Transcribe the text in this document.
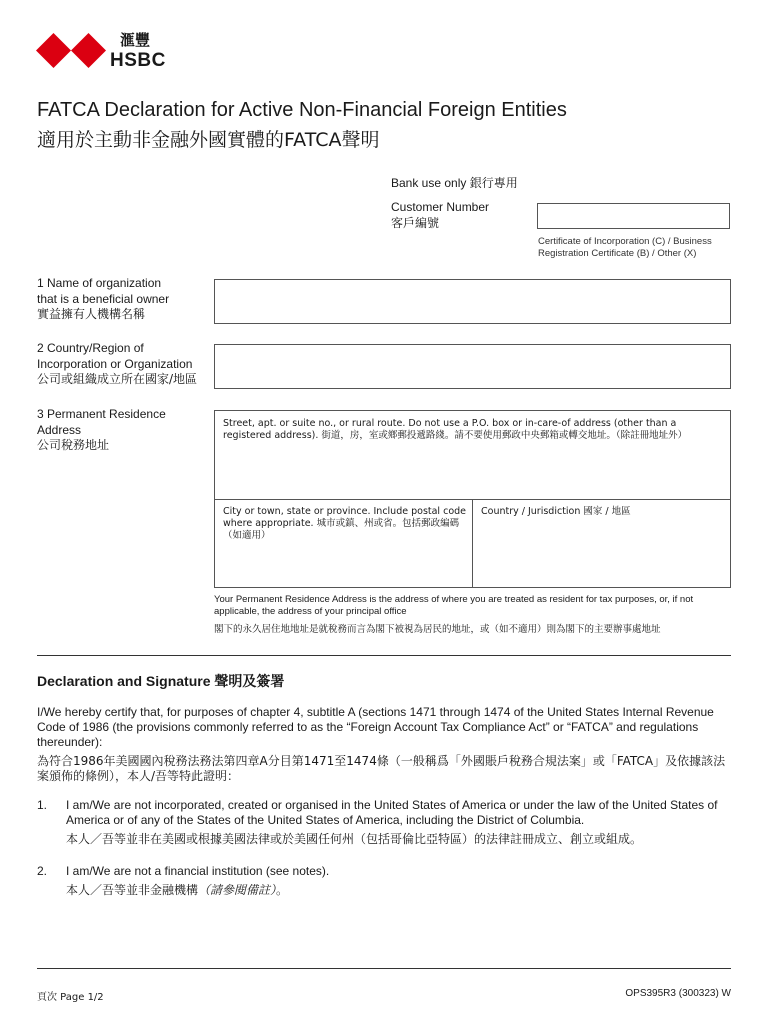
滙豐
HSBC
FATCA Declaration for Active Non-Financial Foreign Entities
適用於主動非金融外國實體的FATCA聲明
Bank use only 銀行專用
Customer Number
客戶編號
Certificate of Incorporation (C) / Business Registration Certificate (B) / Other (X)
1 Name of organization
that is a beneficial owner
實益擁有人機構名稱
2 Country/Region of
Incorporation or Organization
公司或組織成立所在國家/地區
3 Permanent Residence
Address
公司稅務地址
Street, apt. or suite no., or rural route. Do not use a P.O. box or in-care-of address (other than a registered address). 街道，房，室或鄉郵投遞路綫。請不要使用郵政中央郵箱或轉交地址。（除註冊地址外）
City or town, state or province. Include postal code where appropriate. 城市或鎮、州或省。包括郵政編碼（如適用）
Country / Jurisdiction 國家 / 地區
Your Permanent Residence Address is the address of where you are treated as resident for tax purposes, or, if not applicable, the address of your principal office
閣下的永久居住地地址是就稅務而言為閣下被視為居民的地址，或（如不適用）則為閣下的主要辦事處地址
Declaration and Signature 聲明及簽署
I/We hereby certify that, for purposes of chapter 4, subtitle A (sections 1471 through 1474 of the United States Internal Revenue Code of 1986 (the provisions commonly referred to as the “Foreign Account Tax Compliance Act” or “FATCA” and regulations thereunder):
為符合1986年美國國內稅務法務法第四章A分目第1471至1474條（一般稱爲「外國賬戶稅務合規法案」或「FATCA」及依據該法案頒佈的條例），本人/吾等特此證明：
1. I am/We are not incorporated, created or organised in the United States of America or under the law of the United States of America or of any of the States of the United States of America, including the District of Columbia.
本人／吾等並非在美國或根據美國法律或於美國任何州（包括哥倫比亞特區）的法律註冊成立、創立或組成。
2. I am/We are not a financial institution (see notes).
本人／吾等並非金融機構（請參閱備註）。
頁次 Page 1/2	OPS395R3 (300323) W
